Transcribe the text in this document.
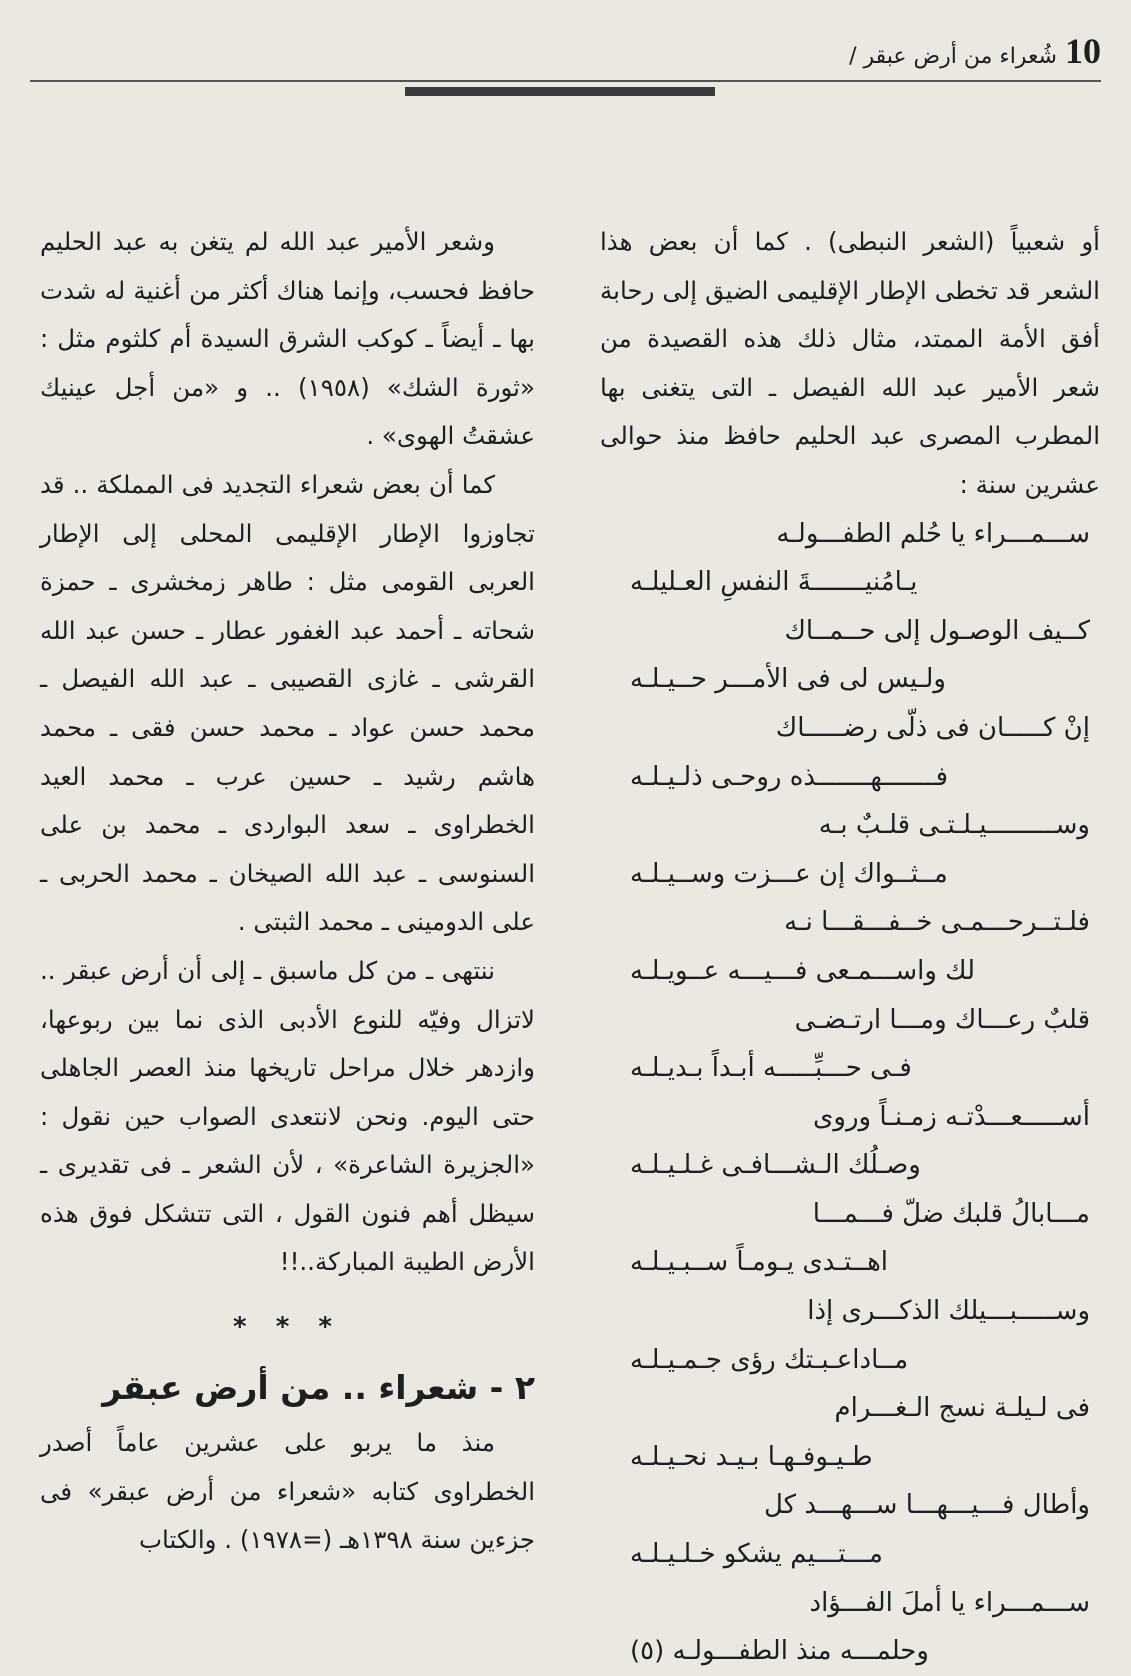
10
/ شُعراء من أرض عبقر

أو شعبياً (الشعر النبطى) . كما أن بعض هذا الشعر قد تخطى الإطار الإقليمى الضيق إلى رحابة أفق الأمة الممتد، مثال ذلك هذه القصيدة من شعر الأمير عبد الله الفيصل ـ التى يتغنى بها المطرب المصرى عبد الحليم حافظ منذ حوالى عشرين سنة :

ســـمـــراء يا حُلم الطفـــولـه
يـامُنيـــــــةَ النفسِ العـليلـه
كــيف الوصـول إلى حــمــاك
ولـيس لى فى الأمـــر حــيـلـه
إنْ كـــــان فى ذلّى رضـــــاك
فـــــــهـــــــذه روحـى ذلـيـلـه
وســـــــــيـلـتـى قلـبٌ بـه
مــثــواك إن عـــزت وســيـلـه
فلـتــرحـــمـى خــفـــقـــا نـه
لك واســـمـعى فـــيـــه عــويـلـه
قلبٌ رعـــاك ومـــا ارتـضـى
فـى حـــبِّـــــه أبـداً بـديـلـه
أســـــعـــدْتـه زمـنـاً وروى
وصـلُك الـشـــافـى غـلـيـلـه
مـــابالُ قلبك ضلّ فـــمـــا
اهــتـدى يـومـاً ســبـيـلـه
وســـــبـــيلك الذكـــرى إذا
مــاداعـبـتك رؤى جـمـيـلـه
فى لـيلـة نسج الـغـــرام
طـيـوفـهـا بـيـد نحـيـلـه
وأطال فـــيـــهـــا ســـهـــد كل
مـــتـــيم يشكو خـلـيـلـه
ســـمـــراء يا أملَ الفـــؤاد
وحلمـــه منذ الطفـــولـه (٥)

وشعر الأمير عبد الله لم يتغن به عبد الحليم حافظ فحسب، وإنما هناك أكثر من أغنية له شدت بها ـ أيضاً ـ كوكب الشرق السيدة أم كلثوم مثل : «ثورة الشك» (١٩٥٨) .. و «من أجل عينيك عشقتُ الهوى» .

كما أن بعض شعراء التجديد فى المملكة .. قد تجاوزوا الإطار الإقليمى المحلى إلى الإطار العربى القومى مثل : طاهر زمخشرى ـ حمزة شحاته ـ أحمد عبد الغفور عطار ـ حسن عبد الله القرشى ـ غازى القصيبى ـ عبد الله الفيصل ـ محمد حسن عواد ـ محمد حسن فقى ـ محمد هاشم رشيد ـ حسين عرب ـ محمد العيد الخطراوى ـ سعد البواردى ـ محمد بن على السنوسى ـ عبد الله الصيخان ـ محمد الحربى ـ على الدومينى ـ محمد الثبتى .

ننتهى ـ من كل ماسبق ـ إلى أن أرض عبقر .. لاتزال وفيّه للنوع الأدبى الذى نما بين ربوعها، وازدهر خلال مراحل تاريخها منذ العصر الجاهلى حتى اليوم. ونحن لانتعدى الصواب حين نقول : «الجزيرة الشاعرة» ، لأن الشعر ـ فى تقديرى ـ سيظل أهم فنون القول ، التى تتشكل فوق هذه الأرض الطيبة المباركة..!!

* * *
٢ - شعراء .. من أرض عبقر

منذ ما يربو على عشرين عاماً أصدر الخطراوى كتابه «شعراء من أرض عبقر» فى جزءين سنة ١٣٩٨هـ (=١٩٧٨) . والكتاب
